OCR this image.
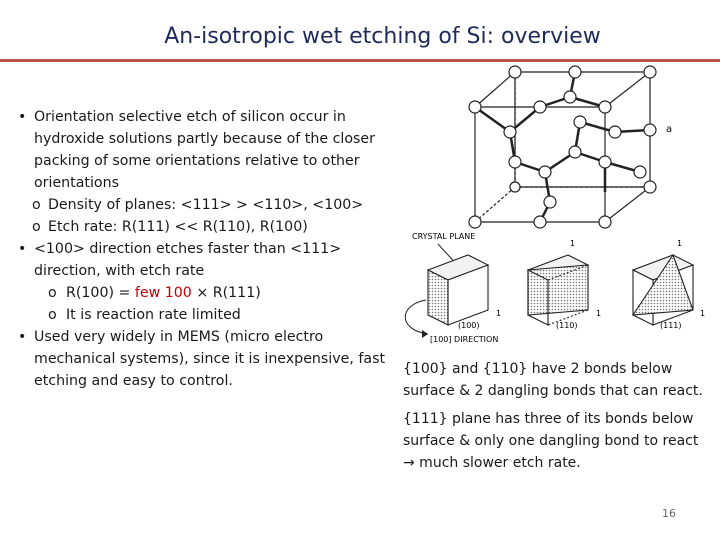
An-isotropic wet etching of Si: overview
• Orientation selective etch of silicon occur in hydroxide solutions partly because of the closer packing of some orientations relative to other orientations
o Density of planes: <111> > <110>, <100>
o Etch rate: R(111) << R(110), R(100)
• <100> direction etches faster than <111> direction, with etch rate
o R(100) = few 100 × R(111)
o It is reaction rate limited
• Used very widely in MEMS (micro electro mechanical systems), since it is inexpensive, fast etching and easy to control.
a
CRYSTAL PLANE
1	1	1
1	1
(100)	(110)	(111)
[100] DIRECTION
{100} and {110} have 2 bonds below surface & 2 dangling bonds that can react.
{111} plane has three of its bonds below surface & only one dangling bond to react → much slower etch rate.
16
